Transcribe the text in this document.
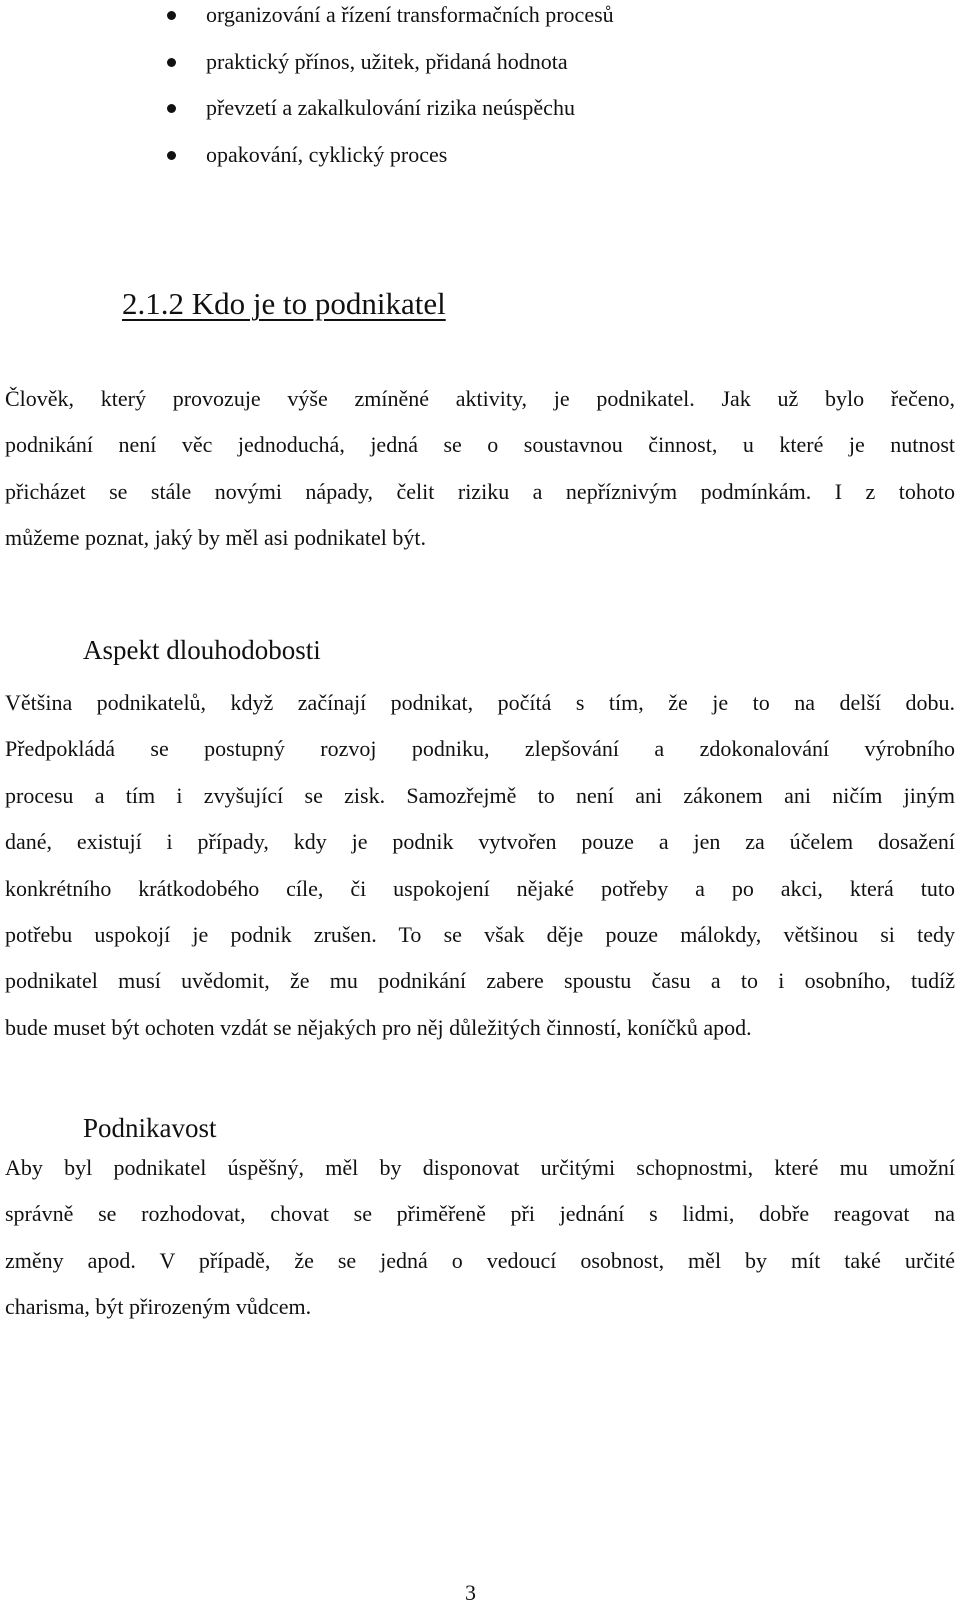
organizování a řízení transformačních procesů
praktický přínos, užitek, přidaná hodnota
převzetí a zakalkulování rizika neúspěchu
opakování, cyklický proces
2.1.2 Kdo je to podnikatel

Člověk, který provozuje výše zmíněné aktivity, je podnikatel. Jak už bylo řečeno,
podnikání není věc jednoduchá, jedná se o soustavnou činnost, u které je nutnost
přicházet se stále novými nápady, čelit riziku a nepříznivým podmínkám. I z tohoto
můžeme poznat, jaký by měl asi podnikatel být.

Aspekt dlouhodobosti

Většina podnikatelů, když začínají podnikat, počítá s tím, že je to na delší dobu.
Předpokládá se postupný rozvoj podniku, zlepšování a zdokonalování výrobního
procesu a tím i zvyšující se zisk. Samozřejmě to není ani zákonem ani ničím jiným
dané, existují i případy, kdy je podnik vytvořen pouze a jen za účelem dosažení
konkrétního krátkodobého cíle, či uspokojení nějaké potřeby a po akci, která tuto
potřebu uspokojí je podnik zrušen. To se však děje pouze málokdy, většinou si tedy
podnikatel musí uvědomit, že mu podnikání zabere spoustu času a to i osobního, tudíž
bude muset být ochoten vzdát se nějakých pro něj důležitých činností, koníčků apod.

Podnikavost

Aby byl podnikatel úspěšný, měl by disponovat určitými schopnostmi, které mu umožní
správně se rozhodovat, chovat se přiměřeně při jednání s lidmi, dobře reagovat na
změny apod. V případě, že se jedná o vedoucí osobnost, měl by mít také určité
charisma, být přirozeným vůdcem.

3
